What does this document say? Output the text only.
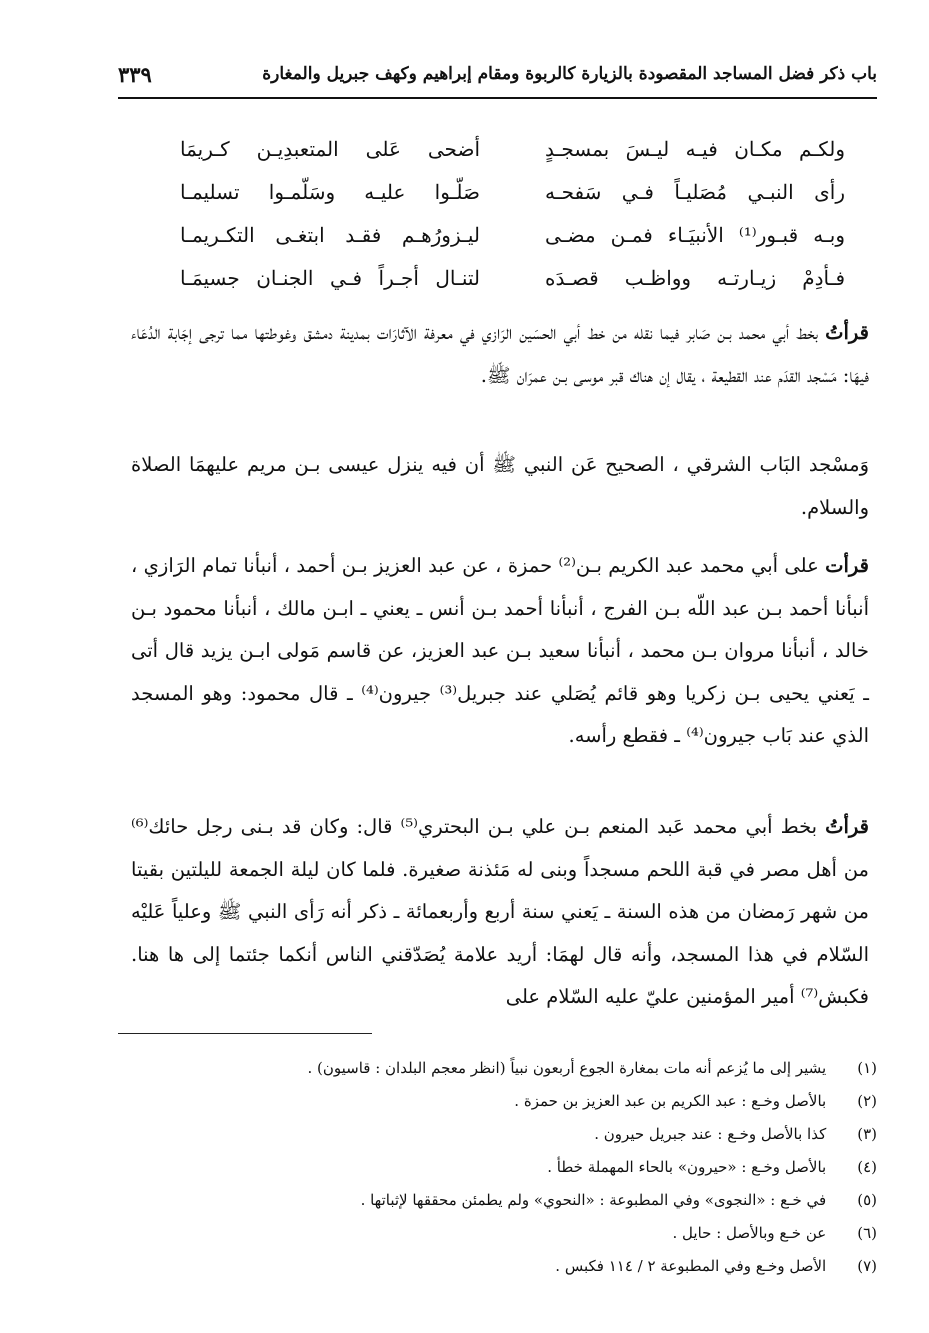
باب ذكر فضل المساجد المقصودة بالزيارة كالربوة ومقام إبراهيم وكهف جبريل والمغارة
٣٣٩
ولكـم مكـان فيـه ليـسَ بمسجـدٍ
أضحى عَلى المتعبدِيـن كـريمَا
رأى النبـي مُصَليـاً فـي سَفحـه
صَلّـوا عليـه وسَلّمـوا تسليمـا
وبـه قبـور⁽¹⁾ الأنبيَـاء فمـن مضـى
ليـزورُهـم فقـد ابتغـى التكـريمـا
فـأدِمْ زيـارتـه وواظـب قصـدَه
لتنـال أجـراً فـي الجنـان جسيمَـا

قرأتُ بخط أبي محمد بـن صَابر فيما نقله من خط أبي الحسَين الرَازي في معرفة الآثارَات بمدينة دمشق وغوطتها مما ترجى إجَابة الدُعَاء فيهَا: مَسْجد القدَم عند القطيعة ، يقال إن هناك قبر موسى بـن عمرَان ﷺ.

وَمسْجد البَاب الشرقي ، الصحيح عَن النبي ﷺ أن فيه ينزل عيسى بـن مريم عليهمَا الصلاة والسلام.

قرأت على أبي محمد عبد الكريم بـن⁽²⁾ حمزة ، عن عبد العزيز بـن أحمد ، أنبأنا تمام الرَازي ، أنبأنا أحمد بـن عبد اللّه بـن الفرج ، أنبأنا أحمد بـن أنس ـ يعني ـ ابـن مالك ، أنبأنا محمود بـن خالد ، أنبأنا مروان بـن محمد ، أنبأنا سعيد بـن عبد العزيز، عن قاسم مَولى ابـن يزيد قال أتى ـ يَعني يحيى بـن زكريا وهو قائم يُصَلي عند جبريل⁽³⁾ جيرون⁽⁴⁾ ـ قال محمود: وهو المسجد الذي عند بَاب جيرون⁽⁴⁾ ـ فقطع رأسه.

قرأتُ بخط أبي محمد عَبد المنعم بـن علي بـن البحتري⁽⁵⁾ قال: وكان قد بـنى رجل حائك⁽⁶⁾ من أهل مصر في قبة اللحم مسجداً وبنى له مَئذنة صغيرة. فلما كان ليلة الجمعة لليلتين بقيتا من شهر رَمضان من هذه السنة ـ يَعني سنة أربع وأربعمائة ـ ذكر أنه رَأى النبي ﷺ وعلياً عَليْه السّلام في هذا المسجد، وأنه قال لهمَا: أريد علامة يُصَدّقني الناس أنكما جئتما إلى ها هنا. فكبش⁽⁷⁾ أمير المؤمنين عليّ عليه السّلام على

(١) يشير إلى ما يُزعم أنه مات بمغارة الجوع أربعون نبياً (انظر معجم البلدان : قاسيون) .
(٢) بالأصل وخـع : عبد الكريم بن عبد العزيز بن حمزة .
(٣) كذا بالأصل وخـع : عند جبريل حيرون .
(٤) بالأصل وخـع : «حيرون» بالحاء المهملة خطأ .
(٥) في خـع : «النجوى» وفي المطبوعة : «النحوي» ولم يطمئن محققها لإثباتها .
(٦) عن خـع وبالأصل : حايل .
(٧) الأصل وخـع وفي المطبوعة ٢ / ١١٤ فكبس .
